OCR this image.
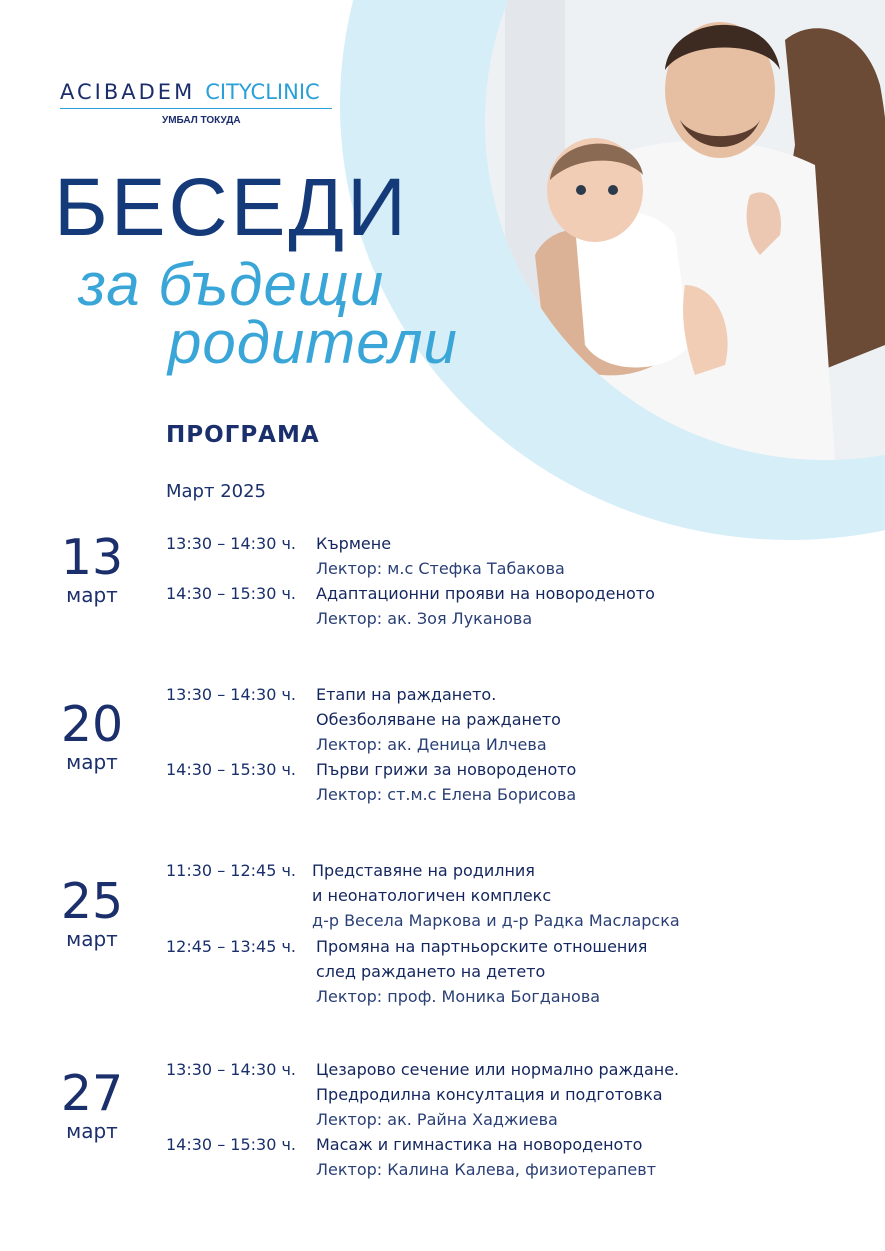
ACIBADEM CITYCLINIC
УМБАЛ ТОКУДА
БЕСЕДИ
за бъдещи
родители
ПРОГРАМА
Март 2025
13
март
13:30 – 14:30 ч. Кърмене
Лектор: м.с Стефка Табакова
14:30 – 15:30 ч. Адаптационни прояви на новороденото
Лектор: ак. Зоя Луканова
20
март
13:30 – 14:30 ч. Етапи на раждането.
Обезболяване на раждането
Лектор: ак. Деница Илчева
14:30 – 15:30 ч. Първи грижи за новороденото
Лектор: ст.м.с Елена Борисова
25
март
11:30 – 12:45 ч. Представяне на родилния
и неонатологичен комплекс
д-р Весела Маркова и д-р Радка Масларска
12:45 – 13:45 ч. Промяна на партньорските отношения
след раждането на детето
Лектор: проф. Моника Богданова
27
март
13:30 – 14:30 ч. Цезарово сечение или нормално раждане.
Предродилна консултация и подготовка
Лектор: ак. Райна Хаджиева
14:30 – 15:30 ч. Масаж и гимнастика на новороденото
Лектор: Калина Калева, физиотерапевт
